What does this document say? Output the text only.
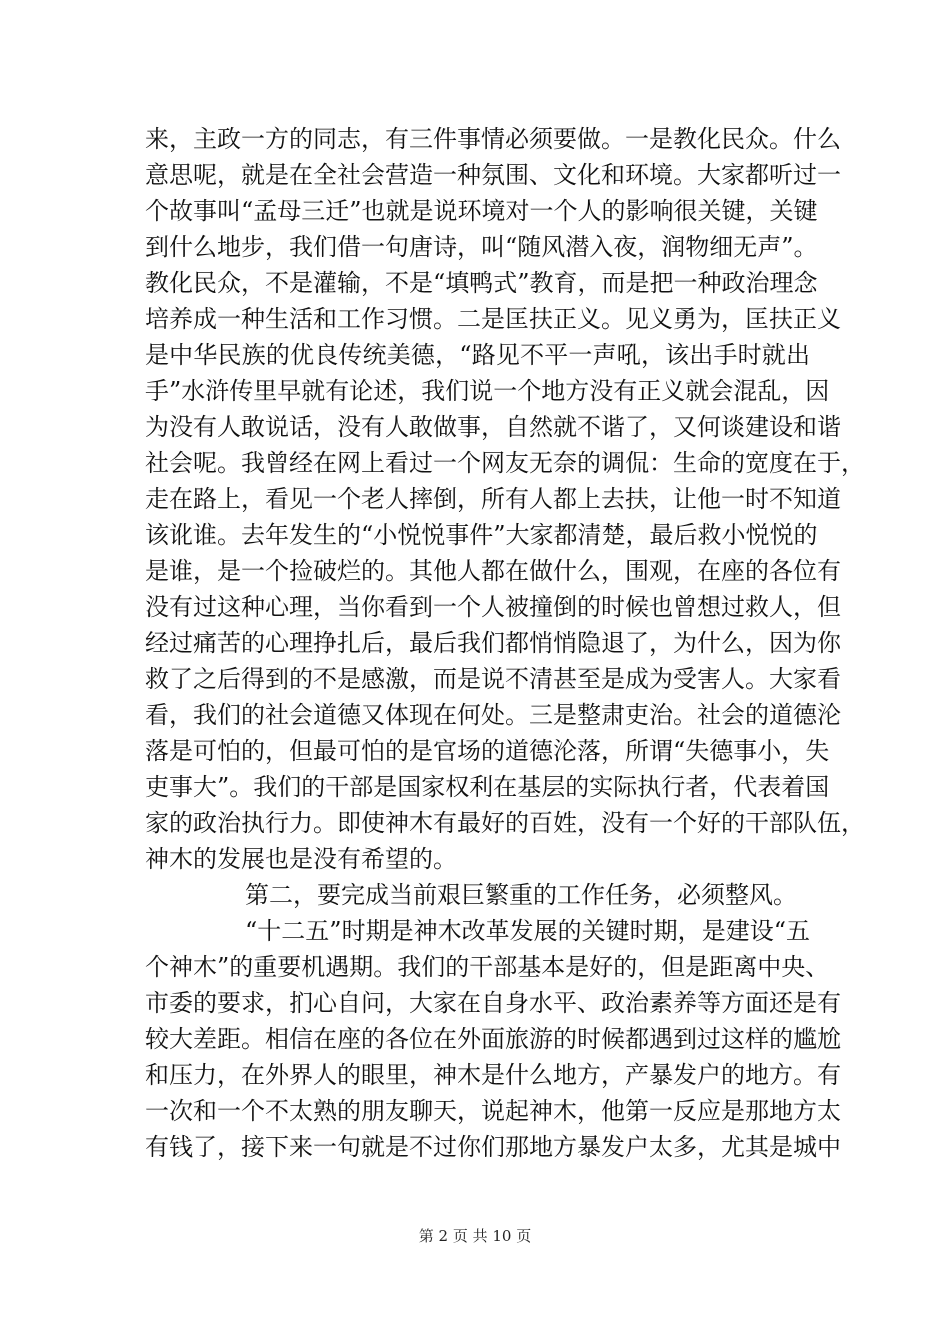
来，主政一方的同志，有三件事情必须要做。一是教化民众。什么
意思呢，就是在全社会营造一种氛围、文化和环境。大家都听过一
个故事叫“孟母三迁”也就是说环境对一个人的影响很关键，关键
到什么地步，我们借一句唐诗，叫“随风潜入夜，润物细无声”。
教化民众，不是灌输，不是“填鸭式”教育，而是把一种政治理念
培养成一种生活和工作习惯。二是匡扶正义。见义勇为，匡扶正义
是中华民族的优良传统美德，“路见不平一声吼，该出手时就出
手”水浒传里早就有论述，我们说一个地方没有正义就会混乱，因
为没有人敢说话，没有人敢做事，自然就不谐了，又何谈建设和谐
社会呢。我曾经在网上看过一个网友无奈的调侃：生命的宽度在于，
走在路上，看见一个老人摔倒，所有人都上去扶，让他一时不知道
该讹谁。去年发生的“小悦悦事件”大家都清楚，最后救小悦悦的
是谁，是一个捡破烂的。其他人都在做什么，围观，在座的各位有
没有过这种心理，当你看到一个人被撞倒的时候也曾想过救人，但
经过痛苦的心理挣扎后，最后我们都悄悄隐退了，为什么，因为你
救了之后得到的不是感激，而是说不清甚至是成为受害人。大家看
看，我们的社会道德又体现在何处。三是整肃吏治。社会的道德沦
落是可怕的，但最可怕的是官场的道德沦落，所谓“失德事小，失
吏事大”。我们的干部是国家权利在基层的实际执行者，代表着国
家的政治执行力。即使神木有最好的百姓，没有一个好的干部队伍，
神木的发展也是没有希望的。
第二，要完成当前艰巨繁重的工作任务，必须整风。
“十二五”时期是神木改革发展的关键时期，是建设“五
个神木”的重要机遇期。我们的干部基本是好的，但是距离中央、
市委的要求，扪心自问，大家在自身水平、政治素养等方面还是有
较大差距。相信在座的各位在外面旅游的时候都遇到过这样的尴尬
和压力，在外界人的眼里，神木是什么地方，产暴发户的地方。有
一次和一个不太熟的朋友聊天，说起神木，他第一反应是那地方太
有钱了，接下来一句就是不过你们那地方暴发户太多，尤其是城中
第 2 页 共 10 页
